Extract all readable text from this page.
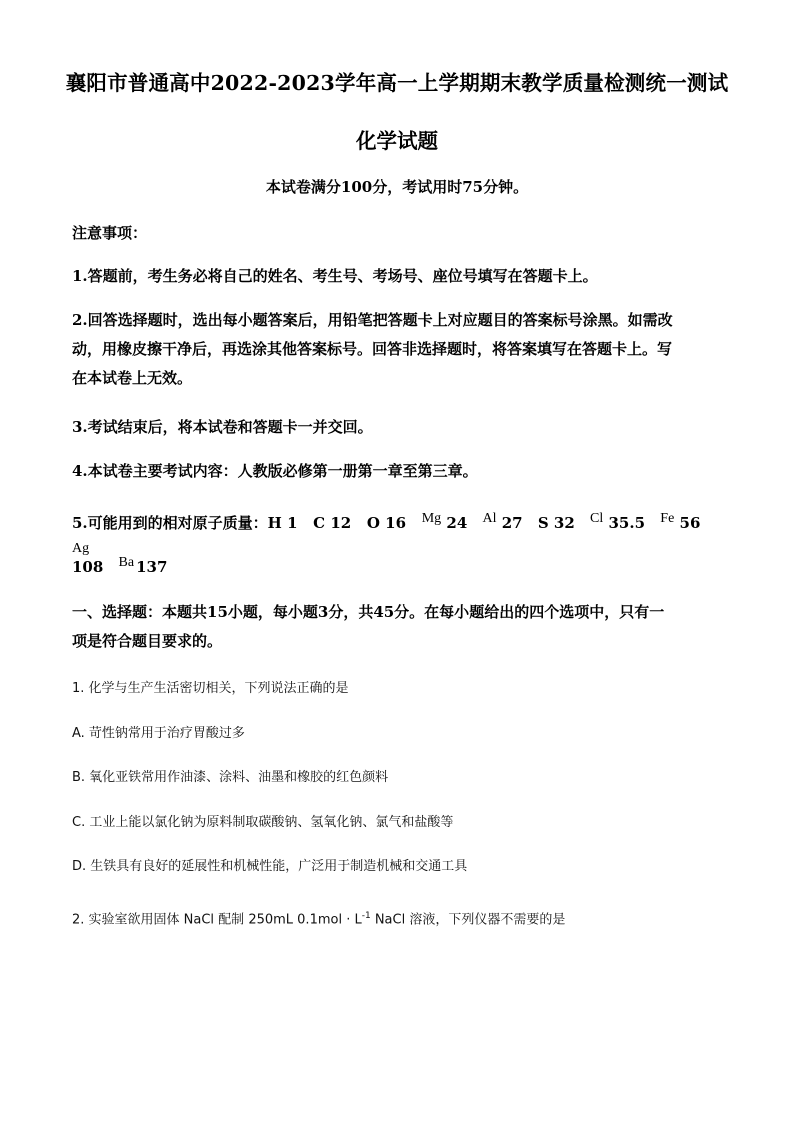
襄阳市普通高中2022-2023学年高一上学期期末教学质量检测统一测试
化学试题
本试卷满分100分，考试用时75分钟。
注意事项：
1.答题前，考生务必将自己的姓名、考生号、考场号、座位号填写在答题卡上。
2.回答选择题时，选出每小题答案后，用铅笔把答题卡上对应题目的答案标号涂黑。如需改
动，用橡皮擦干净后，再选涂其他答案标号。回答非选择题时，将答案填写在答题卡上。写
在本试卷上无效。
3.考试结束后，将本试卷和答题卡一并交回。
4.本试卷主要考试内容：人教版必修第一册第一章至第三章。
5.可能用到的相对原子质量：H 1   C 12   O 16 Mg 24 Al 27 S 32 Cl 35.5 Fe 56 Ag
108 Ba 137
一、选择题：本题共15小题，每小题3分，共45分。在每小题给出的四个选项中，只有一
项是符合题目要求的。
1. 化学与生产生活密切相关，下列说法正确的是
A. 苛性钠常用于治疗胃酸过多
B. 氧化亚铁常用作油漆、涂料、油墨和橡胶的红色颜料
C. 工业上能以氯化钠为原料制取碳酸钠、氢氧化钠、氯气和盐酸等
D. 生铁具有良好的延展性和机械性能，广泛用于制造机械和交通工具
2. 实验室欲用固体 NaCl 配制 250mL $0.1mol \cdot L^{-1}$ NaCl 溶液，下列仪器不需要的是
